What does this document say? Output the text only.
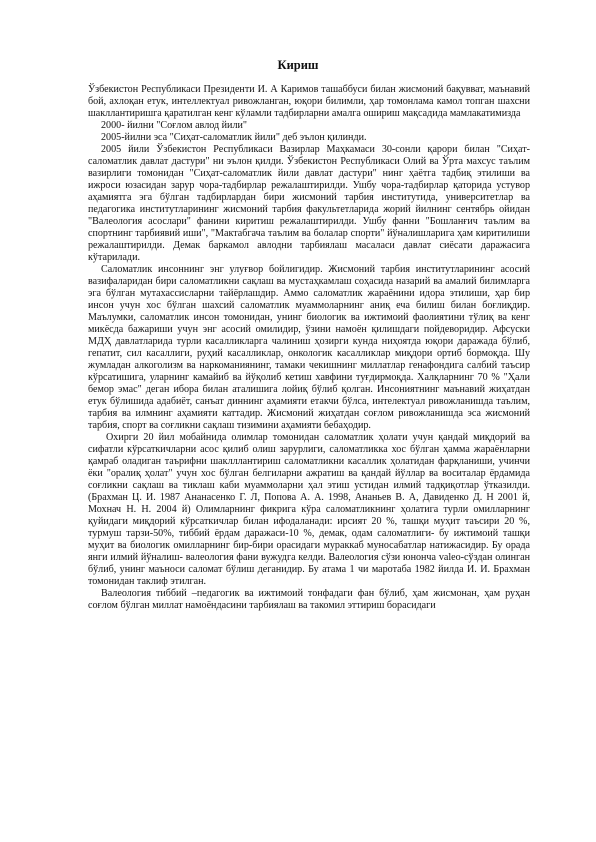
Кириш

Ўзбекистон Республикаси Президенти И. А Каримов ташаббуси билан жисмоний бақувват, маънавий бой, ахлоқан етук, интеллектуал ривожланган, юқори билимли, ҳар томонлама камол топган шахсни шакллантиришга қаратилган кенг кўламли тадбирларни амалга ошириш мақсадида мамлакатимизда

2000- йилни "Соғлом авлод йили"

2005-йилни эса "Сиҳат-саломатлик йили" деб эълон қилинди.

2005 йили Ўзбекистон Республикаси Вазирлар Маҳкамаси 30-сонли қарори билан "Сиҳат- саломатлик давлат дастури" ни эълон қилди. Ўзбекистон Республикаси Олий ва Ўрта махсус таълим вазирлиги томонидан "Сиҳат-саломатлик йили давлат дастури" нинг ҳаётга тадбиқ этилиши ва ижроси юзасидан зарур чора-тадбирлар режалаштирилди. Ушбу чора-тадбирлар қаторида устувор аҳамиятга эга бўлган тадбирлардан бири жисмоний тарбия институтида, университетлар ва педагогика институтларининг жисмоний тарбия факультетларида жорий йилнинг сентябрь ойидан "Валеология асослари" фанини киритиш режалаштирилди. Ушбу фанни "Бошланғич таълим ва спортнинг тарбиявий иши", "Мактабгача таълим ва болалар спорти" йўналишларига ҳам киритилиши режалаштирилди. Демак баркамол авлодни тарбиялаш масаласи давлат сиёсати даражасига кўтарилади.

Саломатлик инсоннинг энг улуғвор бойлигидир. Жисмоний тарбия институтларининг асосий вазифаларидан бири саломатликни сақлаш ва мустаҳкамлаш соҳасида назарий ва амалий билимларга эга бўлган мутахассисларни тайёрлашдир. Аммо саломатлик жараёнини идора этилиши, ҳар бир инсон учун хос бўлган шахсий саломатлик муаммоларнинг аниқ еча билиш билан боғлиқдир. Маълумки, саломатлик инсон томонидан, унинг биологик ва ижтимоий фаолиятини тўлиқ ва кенг микёсда бажариши учун энг асосий омилидир, ўзини намоён қилишдаги пойдеворидир. Афсуски МДҲ давлатларида турли касалликларга чалиниш ҳозирги кунда ниҳоятда юқори даражада бўлиб, гепатит, сил касаллиги, руҳий касалликлар, онкологик касалликлар миқдори ортиб бормоқда. Шу жумладан алкоголизм ва наркоманиянинг, тамаки чекишнинг миллатлар генафондига салбий таъсир кўрсатишига, уларнинг камайиб ва йўқолиб кетиш хавфини туғдирмоқда. Халқларнинг 70 % "Ҳали бемор эмас" деган ибора билан аталишига лойиқ бўлиб қолган. Инсониятнинг маънавий жиҳатдан етук бўлишида адабиёт, санъат диннинг аҳамияти етакчи бўлса, интелектуал ривожланишда таълим, тарбия ва илмнинг аҳамияти каттадир. Жисмоний жиҳатдан соғлом ривожланишда эса жисмоний тарбия, спорт ва соғликни сақлаш тизимини аҳамияти бебаҳодир.

Охирги 20 йил мобайнида олимлар томонидан саломатлик ҳолати учун қандай миқдорий ва сифатли кўрсаткичларни асос қилиб олиш зарурлиги, саломатликка хос бўлган ҳамма жараёнларни қамраб оладиган таърифни шаклллантириш саломатликни касаллик ҳолатидан фарқланиши, учинчи ёки "оралиқ ҳолат" учун хос бўлган белгиларни ажратиш ва қандай йўллар ва воситалар ёрдамида соғликни сақлаш ва тиклаш каби муаммоларни ҳал этиш устидан илмий тадқиқотлар ўтказилди. (Брахман Ц. И. 1987 Ананасенко Г. Л, Попова А. А. 1998, Ананьев В. А, Давиденко Д. Н 2001 й, Мохнач Н. Н. 2004 й) Олимларнинг фикрига кўра саломатликнинг ҳолатига турли омилларнинг қуйидаги миқдорий кўрсаткичлар билан ифодаланади: ирсият 20 %, ташқи муҳит таъсири 20 %, турмуш тарзи-50%, тиббий ёрдам даражаси-10 %, демак, одам саломатлиги- бу ижтимоий ташқи муҳит ва биологик омилларнинг бир-бири орасидаги мураккаб муносабатлар натижасидир. Бу орада янги илмий йўналиш- валеология фани вужудга келди. Валеология сўзи юнонча valeo-сўздан олинган бўлиб, унинг маъноси саломат бўлиш деганидир. Бу атама 1 чи маротаба 1982 йилда И. И. Брахман томонидан таклиф этилган.

Валеология тиббий –педагогик ва ижтимоий тонфадаги фан бўлиб, ҳам жисмонан, ҳам руҳан соғлом бўлган миллат намоёндасини тарбиялаш ва такомил эттириш борасидаги
